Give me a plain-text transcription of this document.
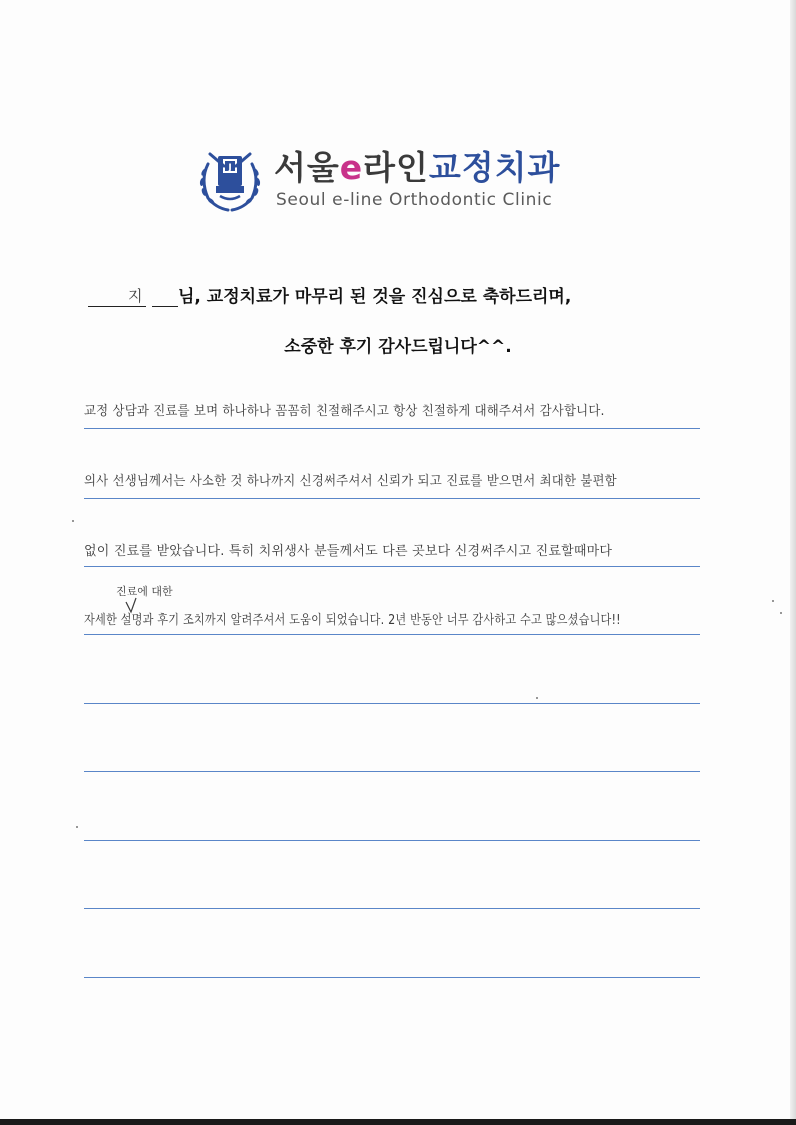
J 서울e라인교정치과
Seoul e-line Orthodontic Clinic
지 님, 교정치료가 마무리 된 것을 진심으로 축하드리며,
소중한 후기 감사드립니다^^.
교정 상담과 진료를 보며 하나하나 꼼꼼히 친절해주시고 항상 친절하게 대해주셔서 감사합니다.
의사 선생님께서는 사소한 것 하나까지 신경써주셔서 신뢰가 되고 진료를 받으면서 최대한 불편함
없이 진료를 받았습니다. 특히 치위생사 분들께서도 다른 곳보다 신경써주시고 진료할때마다
자세한 설명과 후기 조치까지 알려주셔서 도움이 되었습니다. 2년 반동안 너무 감사하고 수고 많으셨습니다!!
진료에 대한
